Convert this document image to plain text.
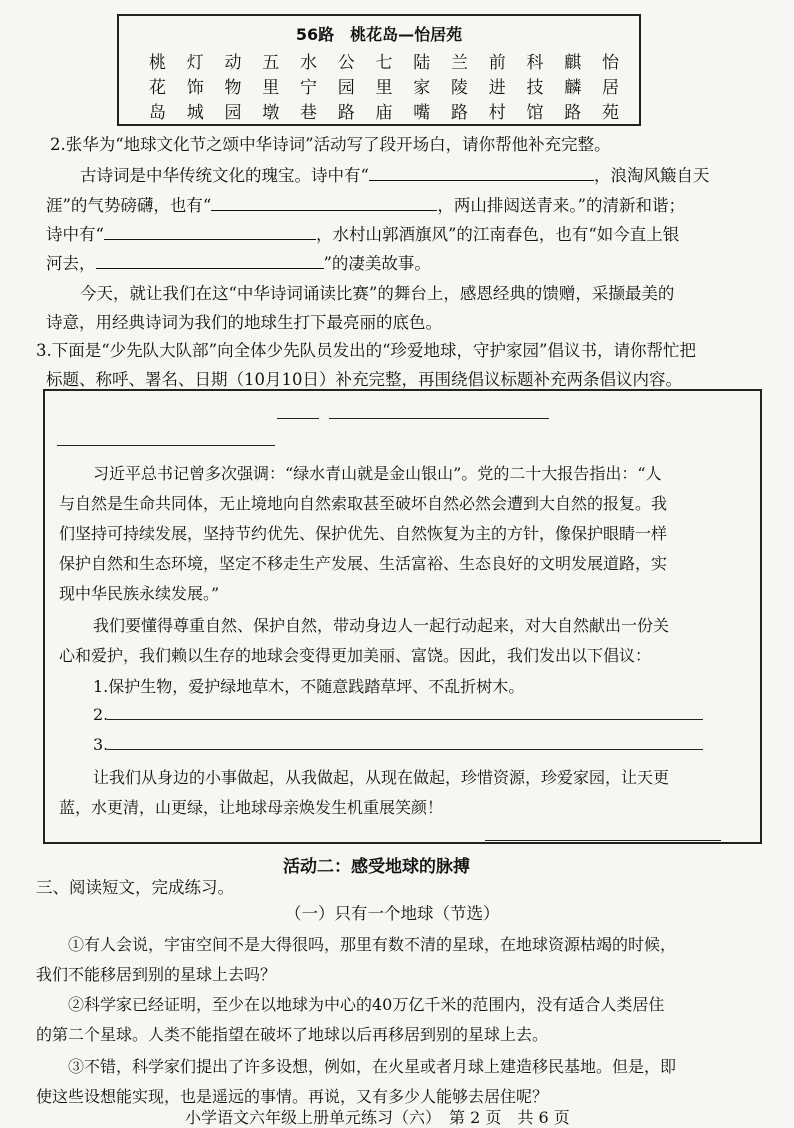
56路　桃花岛—怡居苑
桃 灯 动 五 水 公 七 陆 兰 前 科 麒 怡
花 饰 物 里 宁 园 里 家 陵 进 技 麟 居
岛 城 园 墩 巷 路 庙 嘴 路 村 馆 路 苑
2.张华为“地球文化节之颂中华诗词”活动写了段开场白，请你帮他补充完整。
古诗词是中华传统文化的瑰宝。诗中有“	，浪淘风簸自天
涯”的气势磅礴，也有“	，两山排闼送青来。”的清新和谐；
诗中有“	，水村山郭酒旗风”的江南春色，也有“如今直上银
河去，	”的凄美故事。
今天，就让我们在这“中华诗词诵读比赛”的舞台上，感恩经典的馈赠，采撷最美的
诗意，用经典诗词为我们的地球生打下最亮丽的底色。
3.下面是“少先队大队部”向全体少先队员发出的“珍爱地球，守护家园”倡议书，请你帮忙把
标题、称呼、署名、日期（10月10日）补充完整，再围绕倡议标题补充两条倡议内容。
习近平总书记曾多次强调：“绿水青山就是金山银山”。党的二十大报告指出：“人
与自然是生命共同体，无止境地向自然索取甚至破坏自然必然会遭到大自然的报复。我
们坚持可持续发展，坚持节约优先、保护优先、自然恢复为主的方针，像保护眼睛一样
保护自然和生态环境，坚定不移走生产发展、生活富裕、生态良好的文明发展道路，实
现中华民族永续发展。”
我们要懂得尊重自然、保护自然，带动身边人一起行动起来，对大自然献出一份关
心和爱护，我们赖以生存的地球会变得更加美丽、富饶。因此，我们发出以下倡议：
1.保护生物，爱护绿地草木，不随意践踏草坪、不乱折树木。
2.
3.
让我们从身边的小事做起，从我做起，从现在做起，珍惜资源，珍爱家园，让天更
蓝，水更清，山更绿，让地球母亲焕发生机重展笑颜！
活动二：感受地球的脉搏
三、阅读短文，完成练习。
（一）只有一个地球（节选）
①有人会说，宇宙空间不是大得很吗，那里有数不清的星球，在地球资源枯竭的时候，
我们不能移居到别的星球上去吗？
②科学家已经证明，至少在以地球为中心的40万亿千米的范围内，没有适合人类居住
的第二个星球。人类不能指望在破坏了地球以后再移居到别的星球上去。
③不错，科学家们提出了许多设想，例如，在火星或者月球上建造移民基地。但是，即
使这些设想能实现，也是遥远的事情。再说，又有多少人能够去居住呢？
小学语文六年级上册单元练习（六）　第 2 页　共 6 页
